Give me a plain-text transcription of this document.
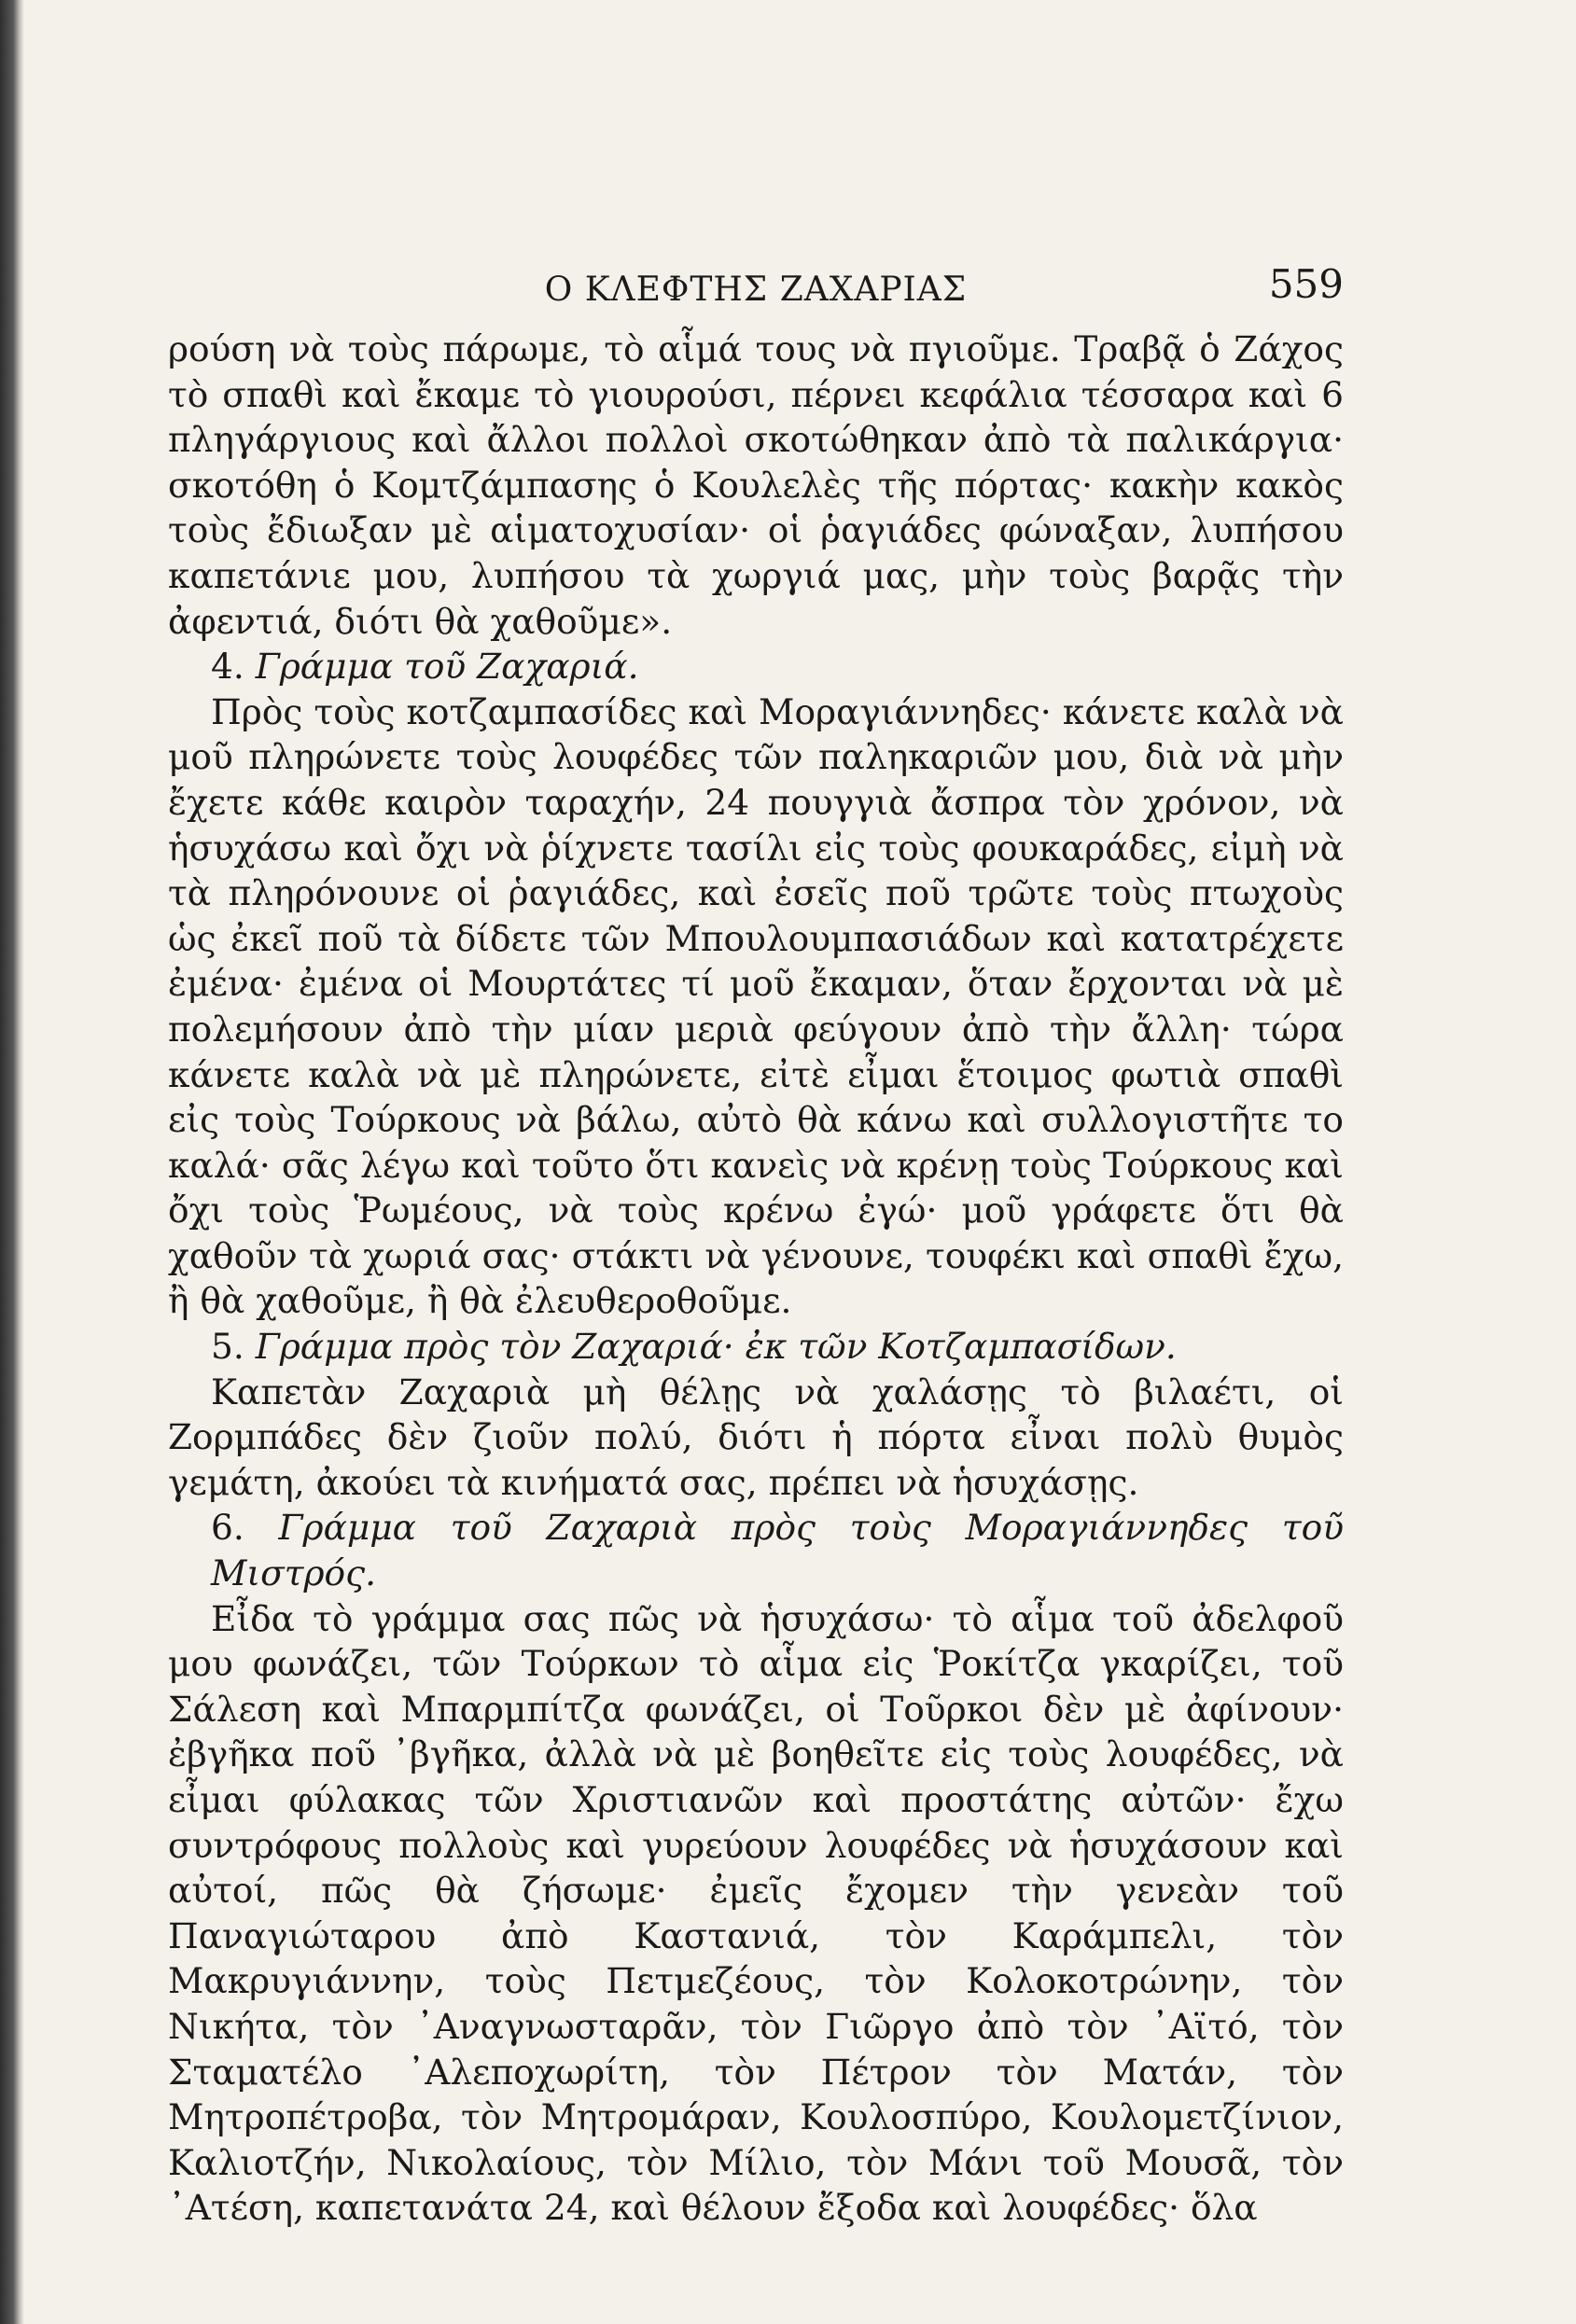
Ο ΚΛΕΦΤΗΣ ΖΑΧΑΡΙΑΣ	559

ρούση νὰ τοὺς πάρωμε, τὸ αἷμά τους νὰ πγιοῦμε. Τραβᾷ ὁ Ζάχος τὸ σπαθὶ καὶ ἔκαμε τὸ γιουρούσι, πέρνει κεφάλια τέσσαρα καὶ 6 πληγάργιους καὶ ἄλλοι πολλοὶ σκοτώθηκαν ἀπὸ τὰ παλικάργια· σκοτόθη ὁ Κομτζάμπασης ὁ Κουλελὲς τῆς πόρτας· κακὴν κακὸς τοὺς ἔδιωξαν μὲ αἱματοχυσίαν· οἱ ῥαγιάδες φώναξαν, λυπήσου καπετάνιε μου, λυπήσου τὰ χωργιά μας, μὴν τοὺς βαρᾷς τὴν ἀφεντιά, διότι θὰ χαθοῦμε».

4. Γράμμα τοῦ Ζαχαριά.

Πρὸς τοὺς κοτζαμπασίδες καὶ Μοραγιάννηδες· κάνετε καλὰ νὰ μοῦ πληρώνετε τοὺς λουφέδες τῶν παληκαριῶν μου, διὰ νὰ μὴν ἔχετε κάθε καιρὸν ταραχήν, 24 πουγγιὰ ἄσπρα τὸν χρόνον, νὰ ἡσυχάσω καὶ ὄχι νὰ ῥίχνετε τασίλι εἰς τοὺς φουκαράδες, εἰμὴ νὰ τὰ πληρόνουνε οἱ ῥαγιάδες, καὶ ἐσεῖς ποῦ τρῶτε τοὺς πτωχοὺς ὡς ἐκεῖ ποῦ τὰ δίδετε τῶν Μπουλουμπασιάδων καὶ κατατρέχετε ἐμένα· ἐμένα οἱ Μουρτάτες τί μοῦ ἔκαμαν, ὅταν ἔρχονται νὰ μὲ πολεμήσουν ἀπὸ τὴν μίαν μεριὰ φεύγουν ἀπὸ τὴν ἄλλη· τώρα κάνετε καλὰ νὰ μὲ πληρώνετε, εἰτὲ εἶμαι ἕτοιμος φωτιὰ σπαθὶ εἰς τοὺς Τούρκους νὰ βάλω, αὐτὸ θὰ κάνω καὶ συλλογιστῆτε το καλά· σᾶς λέγω καὶ τοῦτο ὅτι κανεὶς νὰ κρένῃ τοὺς Τούρκους καὶ ὄχι τοὺς Ῥωμέους, νὰ τοὺς κρένω ἐγώ· μοῦ γράφετε ὅτι θὰ χαθοῦν τὰ χωριά σας· στάκτι νὰ γένουνε, τουφέκι καὶ σπαθὶ ἔχω, ἢ θὰ χαθοῦμε, ἢ θὰ ἐλευθεροθοῦμε.

5. Γράμμα πρὸς τὸν Ζαχαριά· ἐκ τῶν Κοτζαμπασίδων.

Καπετὰν Ζαχαριὰ μὴ θέλῃς νὰ χαλάσῃς τὸ βιλαέτι, οἱ Ζορμπάδες δὲν ζιοῦν πολύ, διότι ἡ πόρτα εἶναι πολὺ θυμὸς γεμάτη, ἀκούει τὰ κινήματά σας, πρέπει νὰ ἡσυχάσῃς.

6. Γράμμα τοῦ Ζαχαριὰ πρὸς τοὺς Μοραγιάννηδες τοῦ Μιστρός.

Εἶδα τὸ γράμμα σας πῶς νὰ ἡσυχάσω· τὸ αἷμα τοῦ ἀδελφοῦ μου φωνάζει, τῶν Τούρκων τὸ αἷμα εἰς Ῥοκίτζα γκαρίζει, τοῦ Σάλεση καὶ Μπαρμπίτζα φωνάζει, οἱ Τοῦρκοι δὲν μὲ ἀφίνουν· ἐβγῆκα ποῦ ᾿βγῆκα, ἀλλὰ νὰ μὲ βοηθεῖτε εἰς τοὺς λουφέδες, νὰ εἶμαι φύλακας τῶν Χριστιανῶν καὶ προστάτης αὐτῶν· ἔχω συντρόφους πολλοὺς καὶ γυρεύουν λουφέδες νὰ ἡσυχάσουν καὶ αὐτοί, πῶς θὰ ζήσωμε· ἐμεῖς ἔχομεν τὴν γενεὰν τοῦ Παναγιώταρου ἀπὸ Καστανιά, τὸν Καράμπελι, τὸν Μακρυγιάννην, τοὺς Πετμεζέους, τὸν Κολοκοτρώνην, τὸν Νικήτα, τὸν ᾿Αναγνωσταρᾶν, τὸν Γιῶργο ἀπὸ τὸν ᾿Αϊτό, τὸν Σταματέλο ᾿Αλεποχωρίτη, τὸν Πέτρον τὸν Ματάν, τὸν Μητροπέτροβα, τὸν Μητρομάραν, Κουλοσπύρο, Κουλομετζίνιον, Καλιοτζήν, Νικολαίους, τὸν Μίλιο, τὸν Μάνι τοῦ Μουσᾶ, τὸν ᾿Ατέση, καπετανάτα 24, καὶ θέλουν ἔξοδα καὶ λουφέδες· ὅλα
